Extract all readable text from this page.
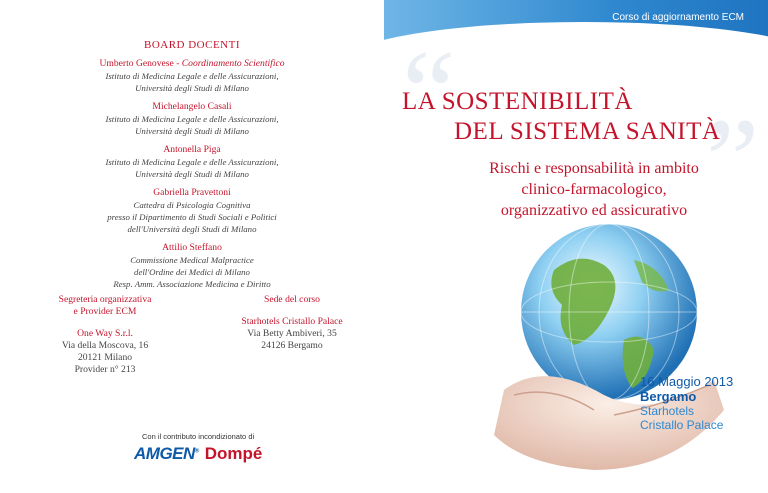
BOARD DOCENTI
Umberto Genovese - Coordinamento Scientifico
Istituto di Medicina Legale e delle Assicurazioni,
Università degli Studi di Milano
Michelangelo Casali
Istituto di Medicina Legale e delle Assicurazioni,
Università degli Studi di Milano
Antonella Piga
Istituto di Medicina Legale e delle Assicurazioni,
Università degli Studi di Milano
Gabriella Pravettoni
Cattedra di Psicologia Cognitiva
presso il Dipartimento di Studi Sociali e Politici
dell'Università degli Studi di Milano
Attilio Steffano
Commissione Medical Malpractice
dell'Ordine dei Medici di Milano
Resp. Amm. Associazione Medicina e Diritto
Segreteria organizzativa
e Provider ECM
One Way S.r.l.
Via della Moscova, 16
20121 Milano
Provider n° 213
Sede del corso
Starhotels Cristallo Palace
Via Betty Ambiveri, 35
24126 Bergamo
Con il contributo incondizionato di
AMGEN® Dompé
Corso di aggiornamento ECM
“
”
LA SOSTENIBILITÀ
DEL SISTEMA SANITÀ
Rischi e responsabilità in ambito
clinico-farmacologico,
organizzativo ed assicurativo
16 Maggio 2013
Bergamo
Starhotels
Cristallo Palace
